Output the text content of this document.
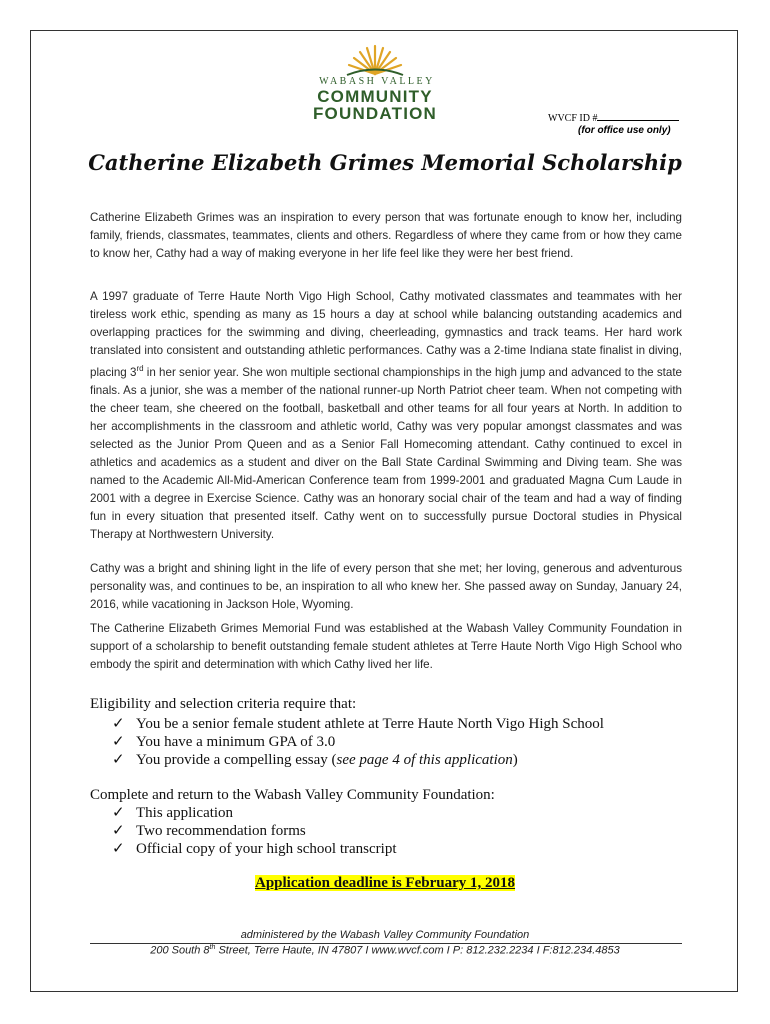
WABASH VALLEY
COMMUNITY
FOUNDATION	WVCF ID #
(for office use only)
Catherine Elizabeth Grimes Memorial Scholarship
Catherine Elizabeth Grimes was an inspiration to every person that was fortunate enough to know her, including family, friends, classmates, teammates, clients and others. Regardless of where they came from or how they came to know her, Cathy had a way of making everyone in her life feel like they were her best friend.
A 1997 graduate of Terre Haute North Vigo High School, Cathy motivated classmates and teammates with her tireless work ethic, spending as many as 15 hours a day at school while balancing outstanding academics and overlapping practices for the swimming and diving, cheerleading, gymnastics and track teams. Her hard work translated into consistent and outstanding athletic performances. Cathy was a 2-time Indiana state finalist in diving, placing 3rd in her senior year. She won multiple sectional championships in the high jump and advanced to the state finals. As a junior, she was a member of the national runner-up North Patriot cheer team. When not competing with the cheer team, she cheered on the football, basketball and other teams for all four years at North. In addition to her accomplishments in the classroom and athletic world, Cathy was very popular amongst classmates and was selected as the Junior Prom Queen and as a Senior Fall Homecoming attendant. Cathy continued to excel in athletics and academics as a student and diver on the Ball State Cardinal Swimming and Diving team. She was named to the Academic All-Mid-American Conference team from 1999-2001 and graduated Magna Cum Laude in 2001 with a degree in Exercise Science. Cathy was an honorary social chair of the team and had a way of finding fun in every situation that presented itself. Cathy went on to successfully pursue Doctoral studies in Physical Therapy at Northwestern University.
Cathy was a bright and shining light in the life of every person that she met; her loving, generous and adventurous personality was, and continues to be, an inspiration to all who knew her. She passed away on Sunday, January 24, 2016, while vacationing in Jackson Hole, Wyoming.
The Catherine Elizabeth Grimes Memorial Fund was established at the Wabash Valley Community Foundation in support of a scholarship to benefit outstanding female student athletes at Terre Haute North Vigo High School who embody the spirit and determination with which Cathy lived her life.
Eligibility and selection criteria require that:
✓ You be a senior female student athlete at Terre Haute North Vigo High School
✓ You have a minimum GPA of 3.0
✓ You provide a compelling essay (see page 4 of this application)
Complete and return to the Wabash Valley Community Foundation:
✓ This application
✓ Two recommendation forms
✓ Official copy of your high school transcript
Application deadline is February 1, 2018
administered by the Wabash Valley Community Foundation
200 South 8th Street, Terre Haute, IN 47807 I www.wvcf.com I P: 812.232.2234 I F:812.234.4853
